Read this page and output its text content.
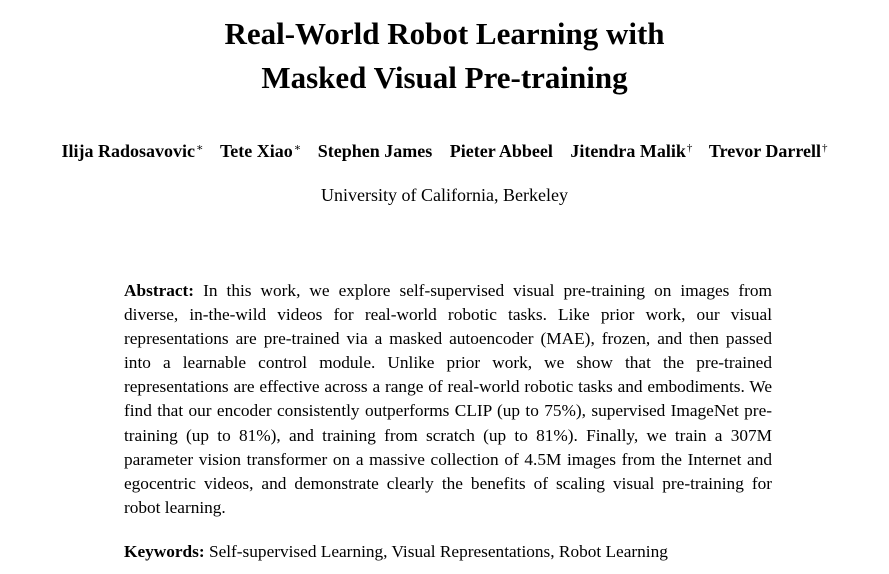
Real-World Robot Learning with
Masked Visual Pre-training
Ilija Radosavovic∗ Tete Xiao∗ Stephen James Pieter Abbeel Jitendra Malik† Trevor Darrell†
University of California, Berkeley

Abstract: In this work, we explore self-supervised visual pre-training on images from diverse, in-the-wild videos for real-world robotic tasks. Like prior work, our visual representations are pre-trained via a masked autoencoder (MAE), frozen, and then passed into a learnable control module. Unlike prior work, we show that the pre-trained representations are effective across a range of real-world robotic tasks and embodiments. We find that our encoder consistently outperforms CLIP (up to 75%), supervised ImageNet pre-training (up to 81%), and training from scratch (up to 81%). Finally, we train a 307M parameter vision transformer on a massive collection of 4.5M images from the Internet and egocentric videos, and demonstrate clearly the benefits of scaling visual pre-training for robot learning.

Keywords: Self-supervised Learning, Visual Representations, Robot Learning
